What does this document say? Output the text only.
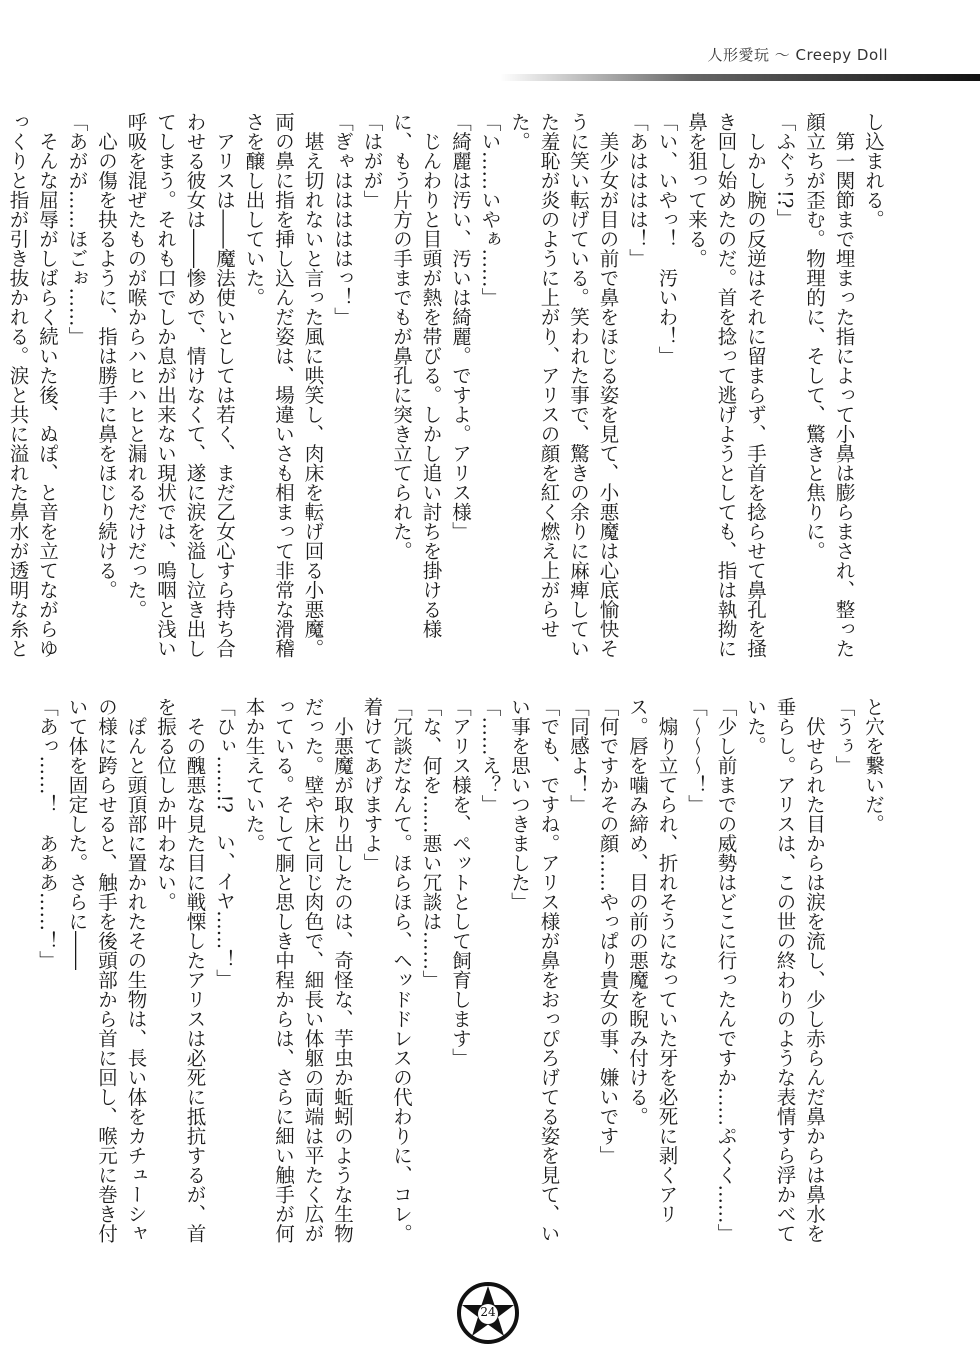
人形愛玩 〜 Creepy Doll

し込まれる。

　第一関節まで埋まった指によって小鼻は膨らまされ、整った顔立ちが歪む。物理的に、そして、驚きと焦りに。

「ふぐぅ!?」

　しかし腕の反逆はそれに留まらず、手首を捻らせて鼻孔を掻き回し始めたのだ。首を捻って逃げようとしても、指は執拗に鼻を狙って来る。

「い、いやっ！　汚いわ！」

「あはははは！」

　美少女が目の前で鼻をほじる姿を見て、小悪魔は心底愉快そうに笑い転げている。笑われた事で、驚きの余りに麻痺していた羞恥が炎のように上がり、アリスの顔を紅く燃え上がらせた。

「い……いやぁ……」

「綺麗は汚い、汚いは綺麗。ですよ。アリス様」

　じんわりと目頭が熱を帯びる。しかし追い討ちを掛ける様に、もう片方の手までもが鼻孔に突き立てられた。

「はがが」

「ぎゃはははははっ！」

　堪え切れないと言った風に哄笑し、肉床を転げ回る小悪魔。両の鼻に指を挿し込んだ姿は、場違いさも相まって非常な滑稽さを醸し出していた。

　アリスは――魔法使いとしては若く、まだ乙女心すら持ち合わせる彼女は――惨めで、情けなくて、遂に涙を溢し泣き出してしまう。それも口でしか息が出来ない現状では、嗚咽と浅い呼吸を混ぜたものが喉からハヒハヒと漏れるだけだった。

　心の傷を抉るように、指は勝手に鼻をほじり続ける。

「あがが……ほごぉ……」

　そんな屈辱がしばらく続いた後、ぬぽ、と音を立てながらゆっくりと指が引き抜かれる。涙と共に溢れた鼻水が透明な糸と

と穴を繋いだ。

「うぅ」

　伏せられた目からは涙を流し、少し赤らんだ鼻からは鼻水を垂らし。アリスは、この世の終わりのような表情すら浮かべていた。

「少し前までの威勢はどこに行ったんですか……ぷくく……」

「〜〜〜！」

　煽り立てられ、折れそうになっていた牙を必死に剥くアリス。唇を噛み締め、目の前の悪魔を睨み付ける。

「何ですかその顔……やっぱり貴女の事、嫌いです」

「同感よ！」

「でも、ですね。アリス様が鼻をおっぴろげてる姿を見て、いい事を思いつきました」

「……え？」

「アリス様を、ペットとして飼育します」

「な、何を……悪い冗談は……」

「冗談だなんて。ほらほら、ヘッドドレスの代わりに、コレ。着けてあげますよ」

　小悪魔が取り出したのは、奇怪な、芋虫か蚯蚓のような生物だった。壁や床と同じ肉色で、細長い体躯の両端は平たく広がっている。そして胴と思しき中程からは、さらに細い触手が何本か生えていた。

「ひぃ……!?　い、イヤ……！」

　その醜悪な見た目に戦慄したアリスは必死に抵抗するが、首を振る位しか叶わない。

　ぽんと頭頂部に置かれたその生物は、長い体をカチューシャの様に跨らせると、触手を後頭部から首に回し、喉元に巻き付いて体を固定した。さらに――

「あっ……！　あああ……！」

24
